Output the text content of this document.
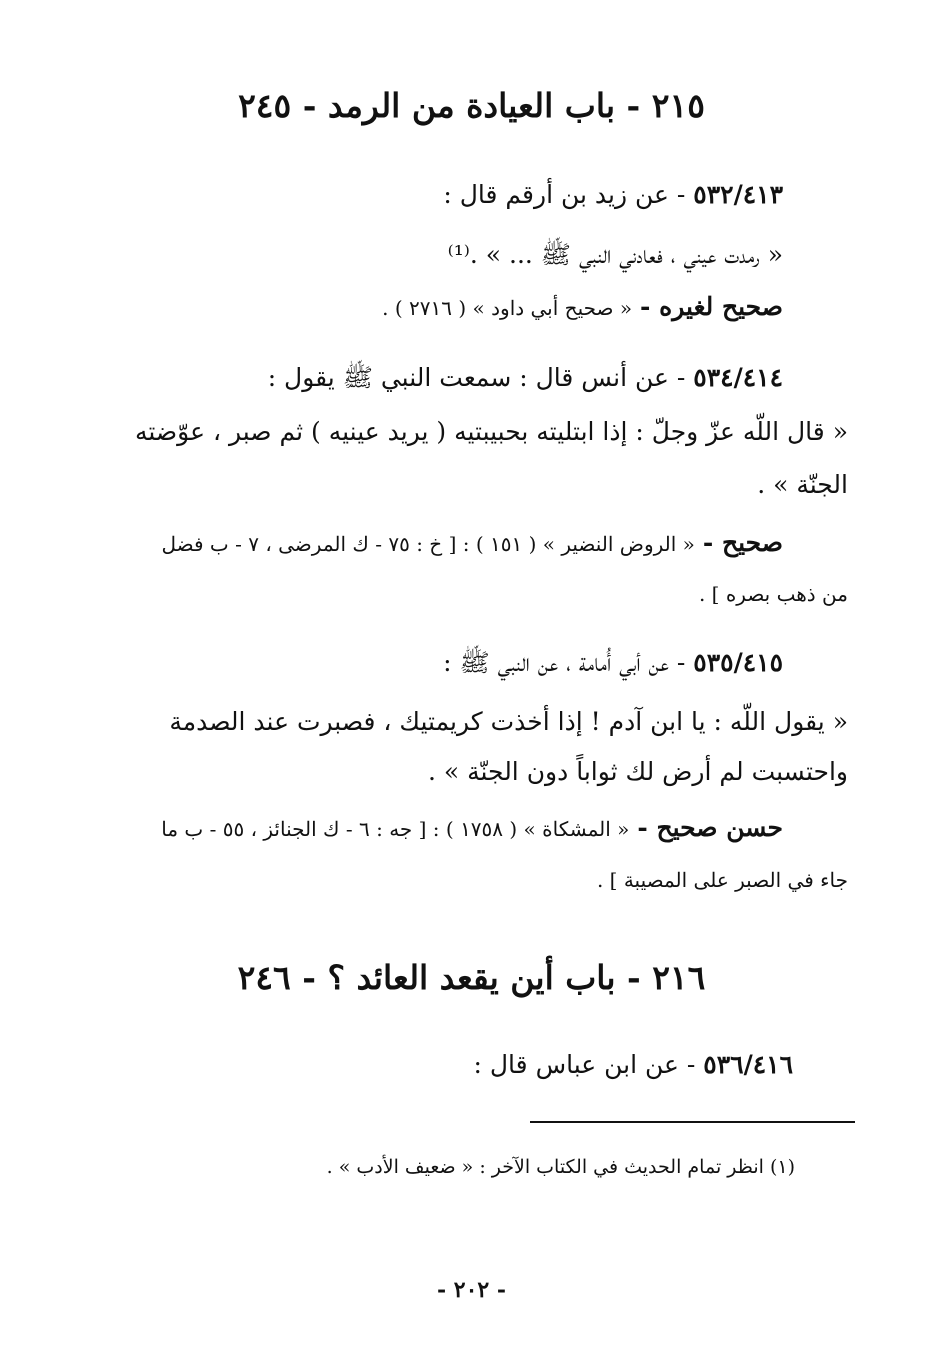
٢١٥ - باب العيادة من الرمد - ٢٤٥
٥٣٢/٤١٣ - عن زيد بن أرقم قال :
« رمدت عيني ، فعادني النبي ﷺ ... » .⁽¹⁾
صحيح لغيره - « صحيح أبي داود » ( ٢٧١٦ ) .
٥٣٤/٤١٤ - عن أنس قال : سمعت النبي ﷺ يقول :
« قال اللّه عزّ وجلّ : إذا ابتليته بحبيبتيه ( يريد عينيه ) ثم صبر ، عوّضته
الجنّة » .
صحيح - « الروض النضير » ( ١٥١ ) : [ خ : ٧٥ - ك المرضى ، ٧ - ب فضل
من ذهب بصره ] .
٥٣٥/٤١٥ - عن أبي أُمامة ، عن النبي ﷺ :
« يقول اللّه : يا ابن آدم ! إذا أخذت كريمتيك ، فصبرت عند الصدمة
واحتسبت لم أرض لك ثواباً دون الجنّة » .
حسن صحيح - « المشكاة » ( ١٧٥٨ ) : [ جه : ٦ - ك الجنائز ، ٥٥ - ب ما
جاء في الصبر على المصيبة ] .
٢١٦ - باب أين يقعد العائد ؟ - ٢٤٦
٥٣٦/٤١٦ - عن ابن عباس قال :
(١) انظر تمام الحديث في الكتاب الآخر : « ضعيف الأدب » .
- ٢٠٢ -
